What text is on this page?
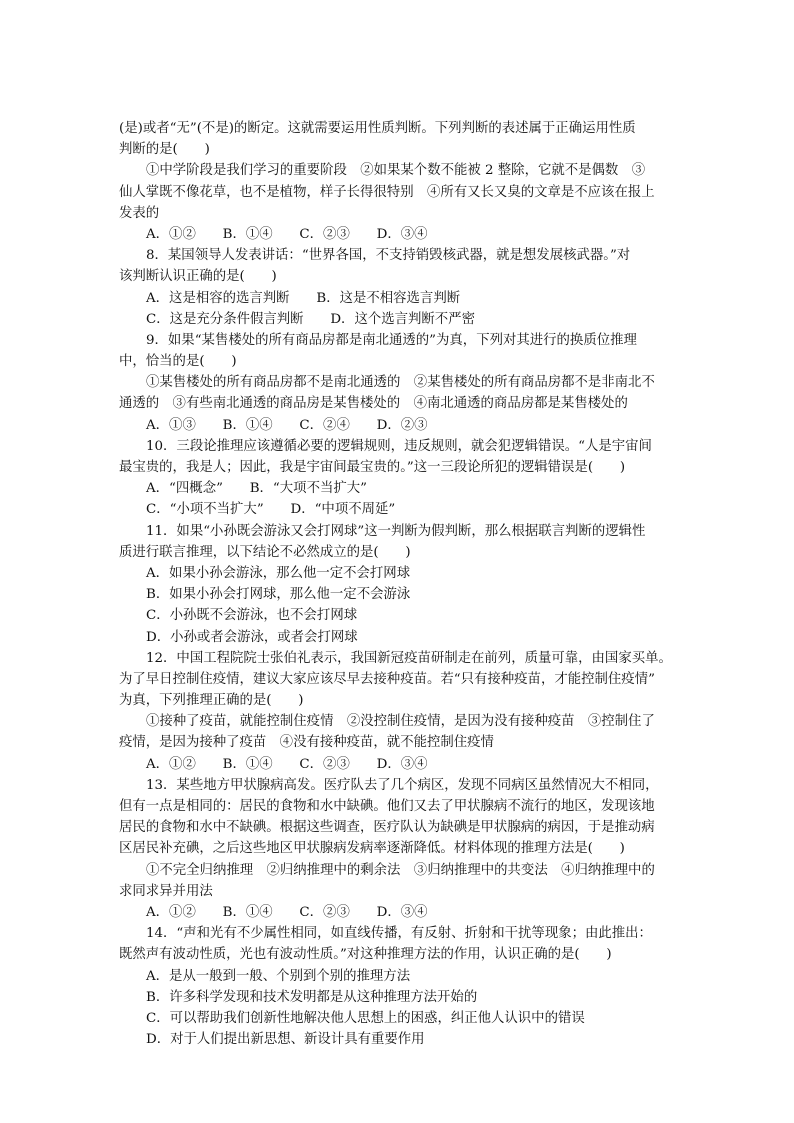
(是)或者“无”(不是)的断定。这就需要运用性质判断。下列判断的表述属于正确运用性质
判断的是(　　)
①中学阶段是我们学习的重要阶段　②如果某个数不能被 2 整除，它就不是偶数　③
仙人掌既不像花草，也不是植物，样子长得很特别　④所有又长又臭的文章是不应该在报上
发表的
A．①②　　B．①④　　C．②③　　D．③④
8．某国领导人发表讲话：“世界各国，不支持销毁核武器，就是想发展核武器。”对
该判断认识正确的是(　　)
A．这是相容的选言判断　　B．这是不相容选言判断
C．这是充分条件假言判断　　D．这个选言判断不严密
9．如果“某售楼处的所有商品房都是南北通透的”为真，下列对其进行的换质位推理
中，恰当的是(　　)
①某售楼处的所有商品房都不是南北通透的　②某售楼处的所有商品房都不是非南北不
通透的　③有些南北通透的商品房是某售楼处的　④南北通透的商品房都是某售楼处的
A．①③　　B．①④　　C．②④　　D．②③
10．三段论推理应该遵循必要的逻辑规则，违反规则，就会犯逻辑错误。“人是宇宙间
最宝贵的，我是人；因此，我是宇宙间最宝贵的。”这一三段论所犯的逻辑错误是(　　)
A．“四概念”　　B．“大项不当扩大”
C．“小项不当扩大”　　D．“中项不周延”
11．如果“小孙既会游泳又会打网球”这一判断为假判断，那么根据联言判断的逻辑性
质进行联言推理，以下结论不必然成立的是(　　)
A．如果小孙会游泳，那么他一定不会打网球
B．如果小孙会打网球，那么他一定不会游泳
C．小孙既不会游泳，也不会打网球
D．小孙或者会游泳，或者会打网球
12．中国工程院院士张伯礼表示，我国新冠疫苗研制走在前列，质量可靠，由国家买单。
为了早日控制住疫情，建议大家应该尽早去接种疫苗。若“只有接种疫苗，才能控制住疫情”
为真，下列推理正确的是(　　)
①接种了疫苗，就能控制住疫情　②没控制住疫情，是因为没有接种疫苗　③控制住了
疫情，是因为接种了疫苗　④没有接种疫苗，就不能控制住疫情
A．①②　　B．①④　　C．②③　　D．③④
13．某些地方甲状腺病高发。医疗队去了几个病区，发现不同病区虽然情况大不相同，
但有一点是相同的：居民的食物和水中缺碘。他们又去了甲状腺病不流行的地区，发现该地
居民的食物和水中不缺碘。根据这些调查，医疗队认为缺碘是甲状腺病的病因，于是推动病
区居民补充碘，之后这些地区甲状腺病发病率逐渐降低。材料体现的推理方法是(　　)
①不完全归纳推理　②归纳推理中的剩余法　③归纳推理中的共变法　④归纳推理中的
求同求异并用法
A．①②　　B．①④　　C．②③　　D．③④
14．“声和光有不少属性相同，如直线传播，有反射、折射和干扰等现象；由此推出：
既然声有波动性质，光也有波动性质。”对这种推理方法的作用，认识正确的是(　　)
A．是从一般到一般、个别到个别的推理方法
B．许多科学发现和技术发明都是从这种推理方法开始的
C．可以帮助我们创新性地解决他人思想上的困惑，纠正他人认识中的错误
D．对于人们提出新思想、新设计具有重要作用
